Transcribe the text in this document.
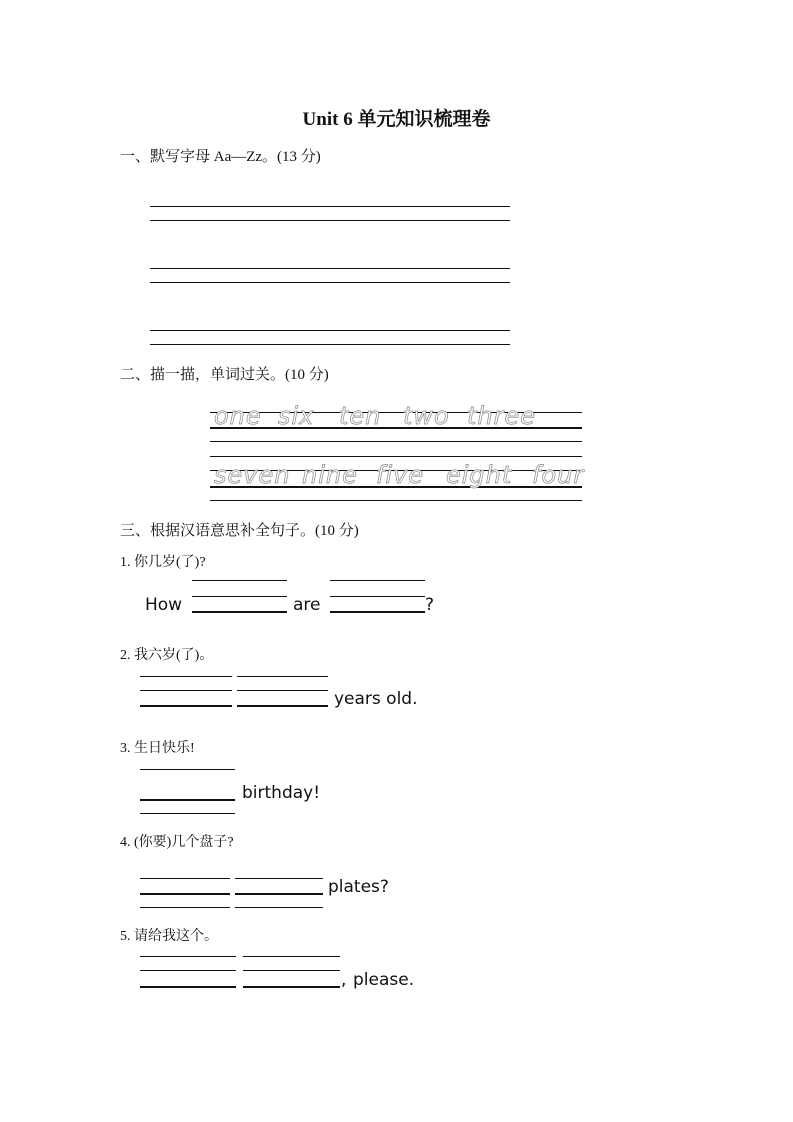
Unit 6 单元知识梳理卷
一、默写字母 Aa—Zz。(13 分)
二、描一描，单词过关。(10 分)
one six ten two three
seven nine five eight four
三、根据汉语意思补全句子。(10 分)
1. 你几岁(了)?
How	are	?
2. 我六岁(了)。
years old.
3. 生日快乐!
birthday!
4. (你要)几个盘子?
plates?
5. 请给我这个。
, please.
